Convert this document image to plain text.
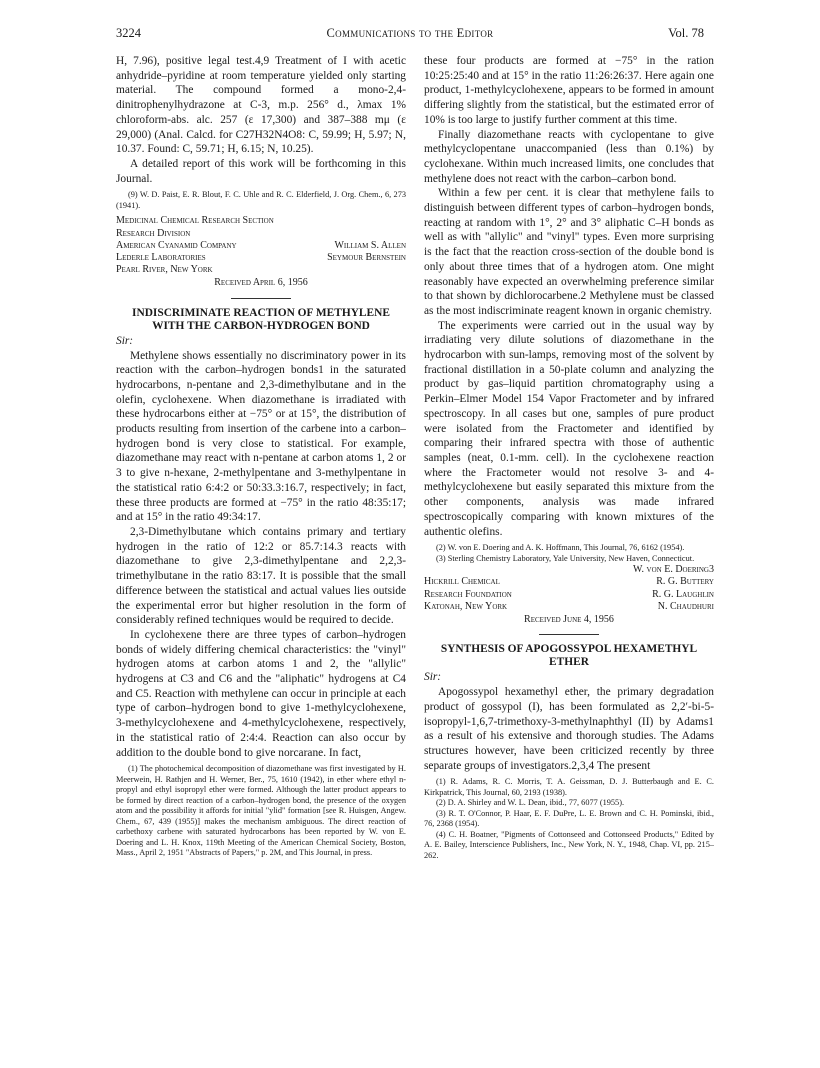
3224	Communications to the Editor	Vol. 78

H, 7.96), positive legal test.4,9 Treatment of I with acetic anhydride–pyridine at room temperature yielded only starting material. The compound formed a mono-2,4-dinitrophenylhydrazone at C-3, m.p. 256° d., λmax 1% chloroform-abs. alc. 257 (ε 17,300) and 387–388 mμ (ε 29,000) (Anal. Calcd. for C27H32N4O8: C, 59.99; H, 5.97; N, 10.37. Found: C, 59.71; H, 6.15; N, 10.25).

A detailed report of this work will be forthcoming in this Journal.

(9) W. D. Paist, E. R. Blout, F. C. Uhle and R. C. Elderfield, J. Org. Chem., 6, 273 (1941).

Medicinal Chemical Research Section
Research Division
American Cyanamid Company	William S. Allen
Lederle Laboratories	Seymour Bernstein
Pearl River, New York
Received April 6, 1956
INDISCRIMINATE REACTION OF METHYLENE WITH THE CARBON-HYDROGEN BOND
Sir:

Methylene shows essentially no discriminatory power in its reaction with the carbon–hydrogen bonds1 in the saturated hydrocarbons, n-pentane and 2,3-dimethylbutane and in the olefin, cyclohexene. When diazomethane is irradiated with these hydrocarbons either at −75° or at 15°, the distribution of products resulting from insertion of the carbene into a carbon–hydrogen bond is very close to statistical. For example, diazomethane may react with n-pentane at carbon atoms 1, 2 or 3 to give n-hexane, 2-methylpentane and 3-methylpentane in the statistical ratio 6:4:2 or 50:33.3:16.7, respectively; in fact, these three products are formed at −75° in the ratio 48:35:17; and at 15° in the ratio 49:34:17.

2,3-Dimethylbutane which contains primary and tertiary hydrogen in the ratio of 12:2 or 85.7:14.3 reacts with diazomethane to give 2,3-dimethylpentane and 2,2,3-trimethylbutane in the ratio 83:17. It is possible that the small difference between the statistical and actual values lies outside the experimental error but higher resolution in the form of considerably refined techniques would be required to decide.

In cyclohexene there are three types of carbon–hydrogen bonds of widely differing chemical characteristics: the "vinyl" hydrogen atoms at carbon atoms 1 and 2, the "allylic" hydrogens at C3 and C6 and the "aliphatic" hydrogens at C4 and C5. Reaction with methylene can occur in principle at each type of carbon–hydrogen bond to give 1-methylcyclohexene, 3-methylcyclohexene and 4-methylcyclohexene, respectively, in the statistical ratio of 2:4:4. Reaction can also occur by addition to the double bond to give norcarane. In fact,

(1) The photochemical decomposition of diazomethane was first investigated by H. Meerwein, H. Rathjen and H. Werner, Ber., 75, 1610 (1942), in ether where ethyl n-propyl and ethyl isopropyl ether were formed. Although the latter product appears to be formed by direct reaction of a carbon–hydrogen bond, the presence of the oxygen atom and the possibility it affords for initial "ylid" formation [see R. Huisgen, Angew. Chem., 67, 439 (1955)] makes the mechanism ambiguous. The direct reaction of carbethoxy carbene with saturated hydrocarbons has been reported by W. von E. Doering and L. H. Knox, 119th Meeting of the American Chemical Society, Boston, Mass., April 2, 1951 "Abstracts of Papers," p. 2M, and This Journal, in press.

these four products are formed at −75° in the ration 10:25:25:40 and at 15° in the ratio 11:26:26:37. Here again one product, 1-methylcyclohexene, appears to be formed in amount differing slightly from the statistical, but the estimated error of 10% is too large to justify further comment at this time.

Finally diazomethane reacts with cyclopentane to give methylcyclopentane unaccompanied (less than 0.1%) by cyclohexane. Within much increased limits, one concludes that methylene does not react with the carbon–carbon bond.

Within a few per cent. it is clear that methylene fails to distinguish between different types of carbon–hydrogen bonds, reacting at random with 1°, 2° and 3° aliphatic C–H bonds as well as with "allylic" and "vinyl" types. Even more surprising is the fact that the reaction cross-section of the double bond is only about three times that of a hydrogen atom. One might reasonably have expected an overwhelming preference similar to that shown by dichlorocarbene.2 Methylene must be classed as the most indiscriminate reagent known in organic chemistry.

The experiments were carried out in the usual way by irradiating very dilute solutions of diazomethane in the hydrocarbon with sun-lamps, removing most of the solvent by fractional distillation in a 50-plate column and analyzing the product by gas–liquid partition chromatography using a Perkin–Elmer Model 154 Vapor Fractometer and by infrared spectroscopy. In all cases but one, samples of pure product were isolated from the Fractometer and identified by comparing their infrared spectra with those of authentic samples (neat, 0.1-mm. cell). In the cyclohexene reaction where the Fractometer would not resolve 3- and 4-methylcyclohexene but easily separated this mixture from the other components, analysis was made infrared spectroscopically comparing with known mixtures of the authentic olefins.

(2) W. von E. Doering and A. K. Hoffmann, This Journal, 76, 6162 (1954).

(3) Sterling Chemistry Laboratory, Yale University, New Haven, Connecticut.

W. von E. Doering3
Hickrill Chemical	R. G. Buttery
Research Foundation	R. G. Laughlin
Katonah, New York	N. Chaudhuri
Received June 4, 1956
SYNTHESIS OF APOGOSSYPOL HEXAMETHYL ETHER
Sir:

Apogossypol hexamethyl ether, the primary degradation product of gossypol (I), has been formulated as 2,2′-bi-5-isopropyl-1,6,7-trimethoxy-3-methylnaphthyl (II) by Adams1 as a result of his extensive and thorough studies. The Adams structures however, have been criticized recently by three separate groups of investigators.2,3,4 The present

(1) R. Adams, R. C. Morris, T. A. Geissman, D. J. Butterbaugh and E. C. Kirkpatrick, This Journal, 60, 2193 (1938).

(2) D. A. Shirley and W. L. Dean, ibid., 77, 6077 (1955).

(3) R. T. O'Connor, P. Haar, E. F. DuPre, L. E. Brown and C. H. Pominski, ibid., 76, 2368 (1954).

(4) C. H. Boatner, "Pigments of Cottonseed and Cottonseed Products," Edited by A. E. Bailey, Interscience Publishers, Inc., New York, N. Y., 1948, Chap. VI, pp. 215–262.
